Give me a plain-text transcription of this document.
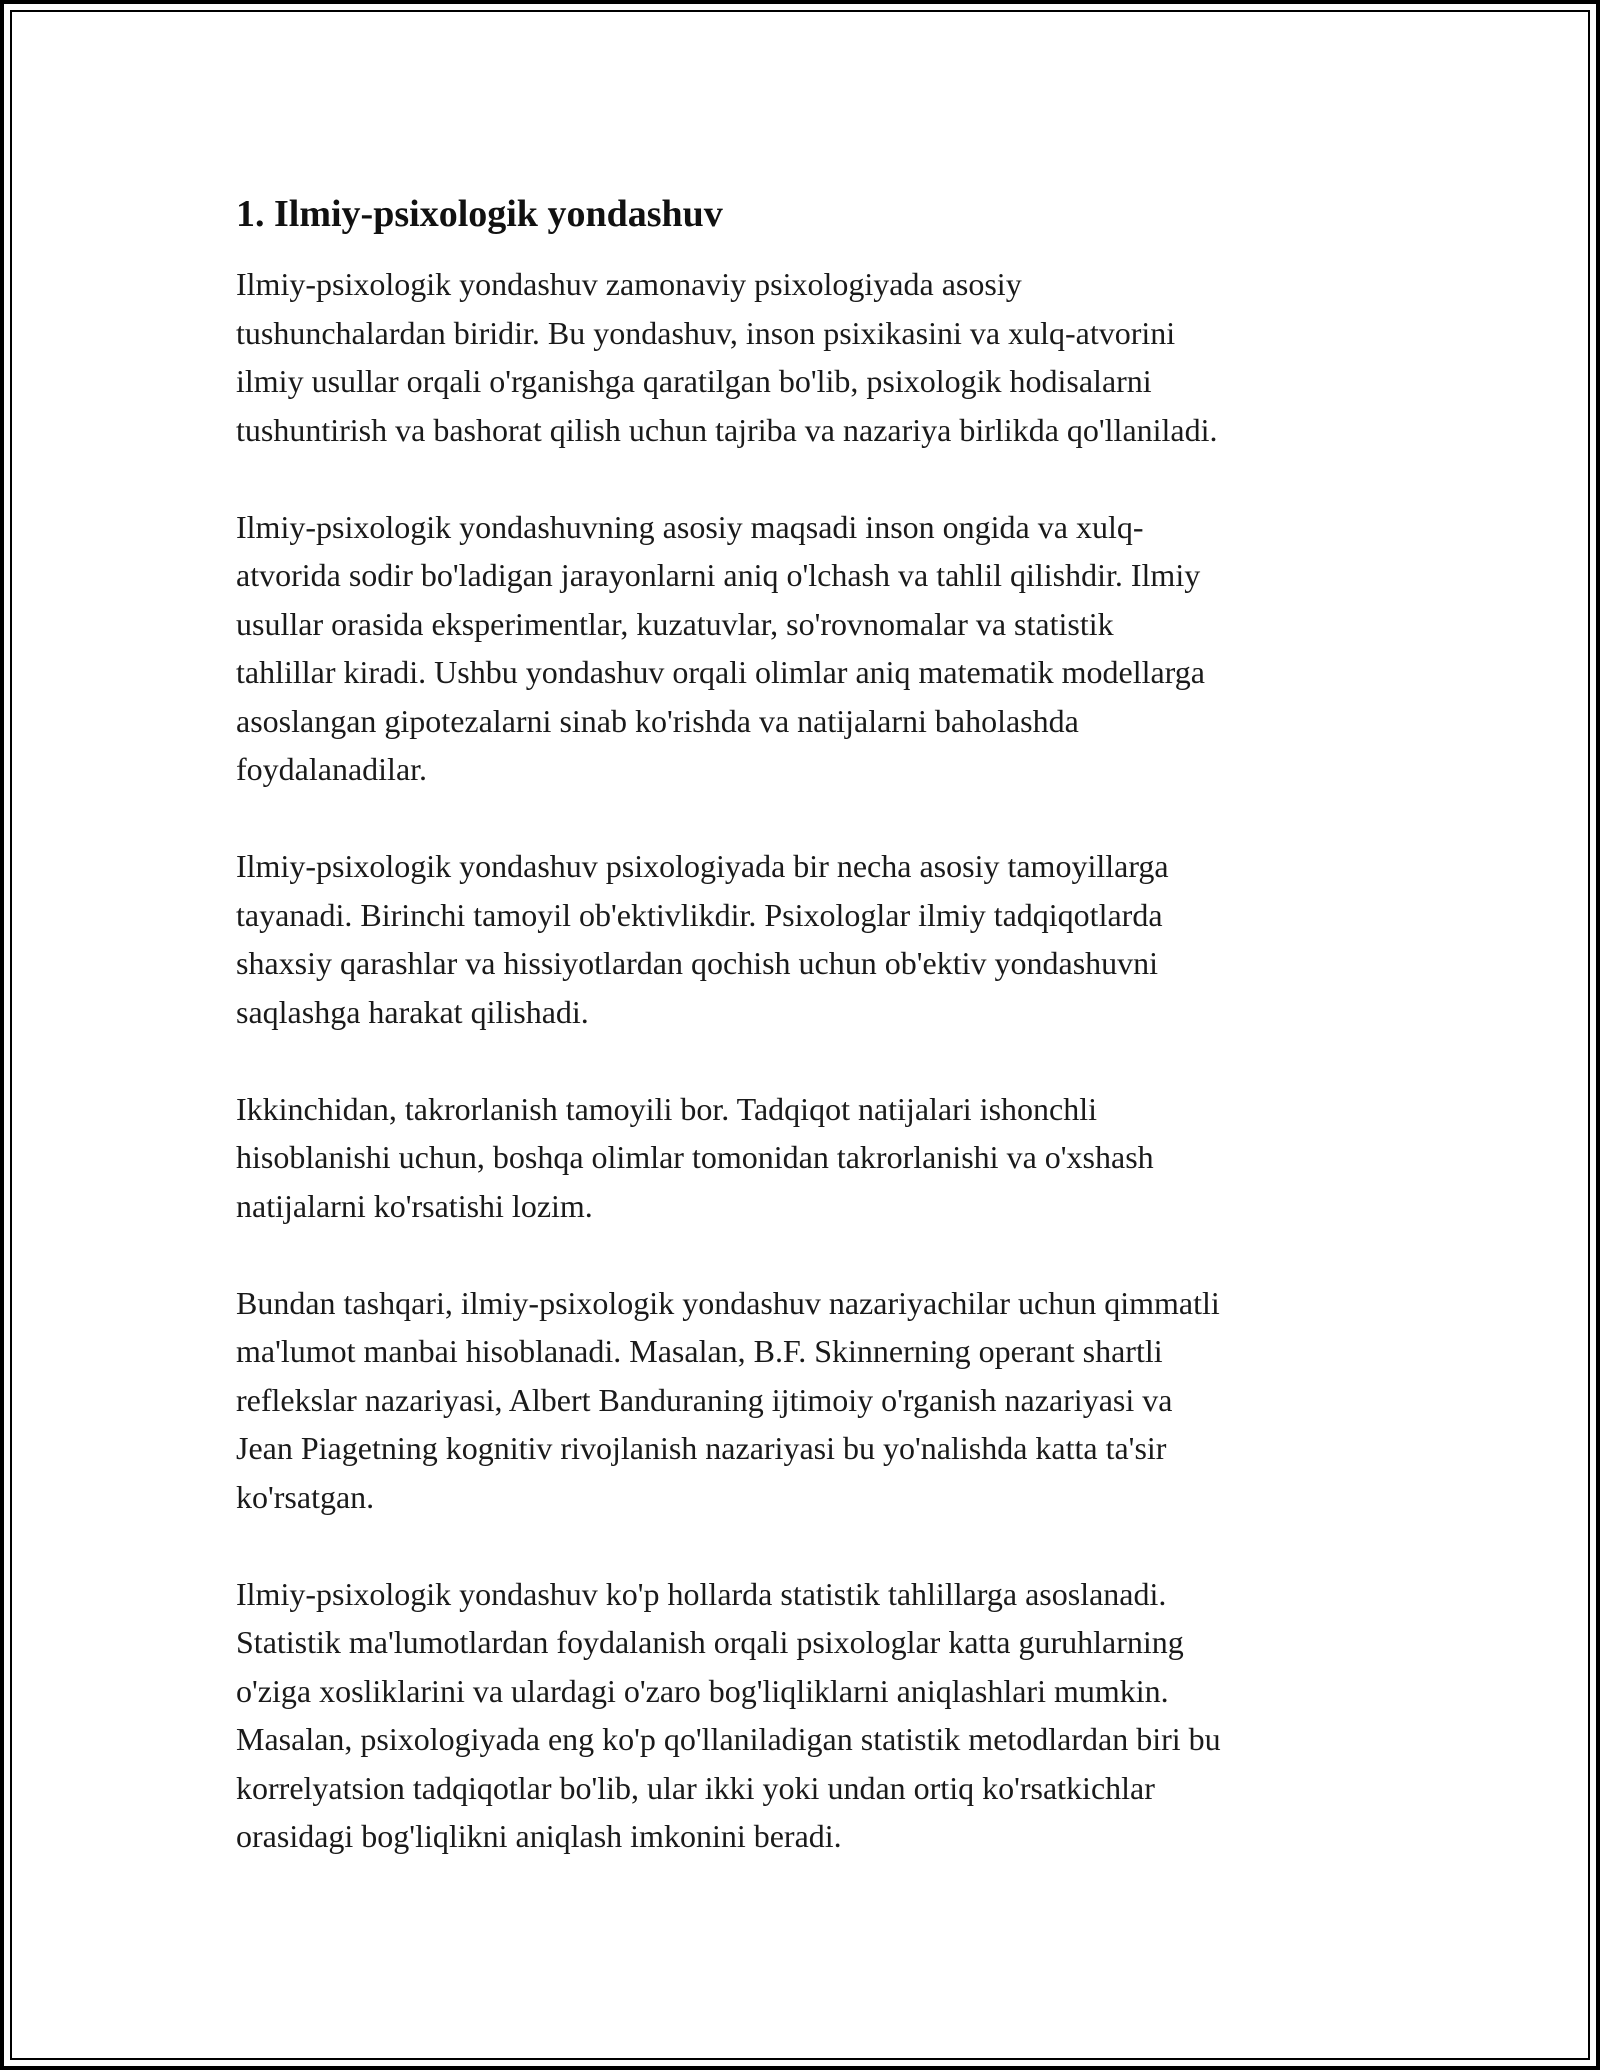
1. Ilmiy-psixologik yondashuv

Ilmiy-psixologik yondashuv zamonaviy psixologiyada asosiy
tushunchalardan biridir. Bu yondashuv, inson psixikasini va xulq-atvorini
ilmiy usullar orqali o'rganishga qaratilgan bo'lib, psixologik hodisalarni
tushuntirish va bashorat qilish uchun tajriba va nazariya birlikda qo'llaniladi.

Ilmiy-psixologik yondashuvning asosiy maqsadi inson ongida va xulq-
atvorida sodir bo'ladigan jarayonlarni aniq o'lchash va tahlil qilishdir. Ilmiy
usullar orasida eksperimentlar, kuzatuvlar, so'rovnomalar va statistik
tahlillar kiradi. Ushbu yondashuv orqali olimlar aniq matematik modellarga
asoslangan gipotezalarni sinab ko'rishda va natijalarni baholashda
foydalanadilar.

Ilmiy-psixologik yondashuv psixologiyada bir necha asosiy tamoyillarga
tayanadi. Birinchi tamoyil ob'ektivlikdir. Psixologlar ilmiy tadqiqotlarda
shaxsiy qarashlar va hissiyotlardan qochish uchun ob'ektiv yondashuvni
saqlashga harakat qilishadi.

Ikkinchidan, takrorlanish tamoyili bor. Tadqiqot natijalari ishonchli
hisoblanishi uchun, boshqa olimlar tomonidan takrorlanishi va o'xshash
natijalarni ko'rsatishi lozim.

Bundan tashqari, ilmiy-psixologik yondashuv nazariyachilar uchun qimmatli
ma'lumot manbai hisoblanadi. Masalan, B.F. Skinnerning operant shartli
reflekslar nazariyasi, Albert Banduraning ijtimoiy o'rganish nazariyasi va
Jean Piagetning kognitiv rivojlanish nazariyasi bu yo'nalishda katta ta'sir
ko'rsatgan.

Ilmiy-psixologik yondashuv ko'p hollarda statistik tahlillarga asoslanadi.
Statistik ma'lumotlardan foydalanish orqali psixologlar katta guruhlarning
o'ziga xosliklarini va ulardagi o'zaro bog'liqliklarni aniqlashlari mumkin.
Masalan, psixologiyada eng ko'p qo'llaniladigan statistik metodlardan biri bu
korrelyatsion tadqiqotlar bo'lib, ular ikki yoki undan ortiq ko'rsatkichlar
orasidagi bog'liqlikni aniqlash imkonini beradi.
